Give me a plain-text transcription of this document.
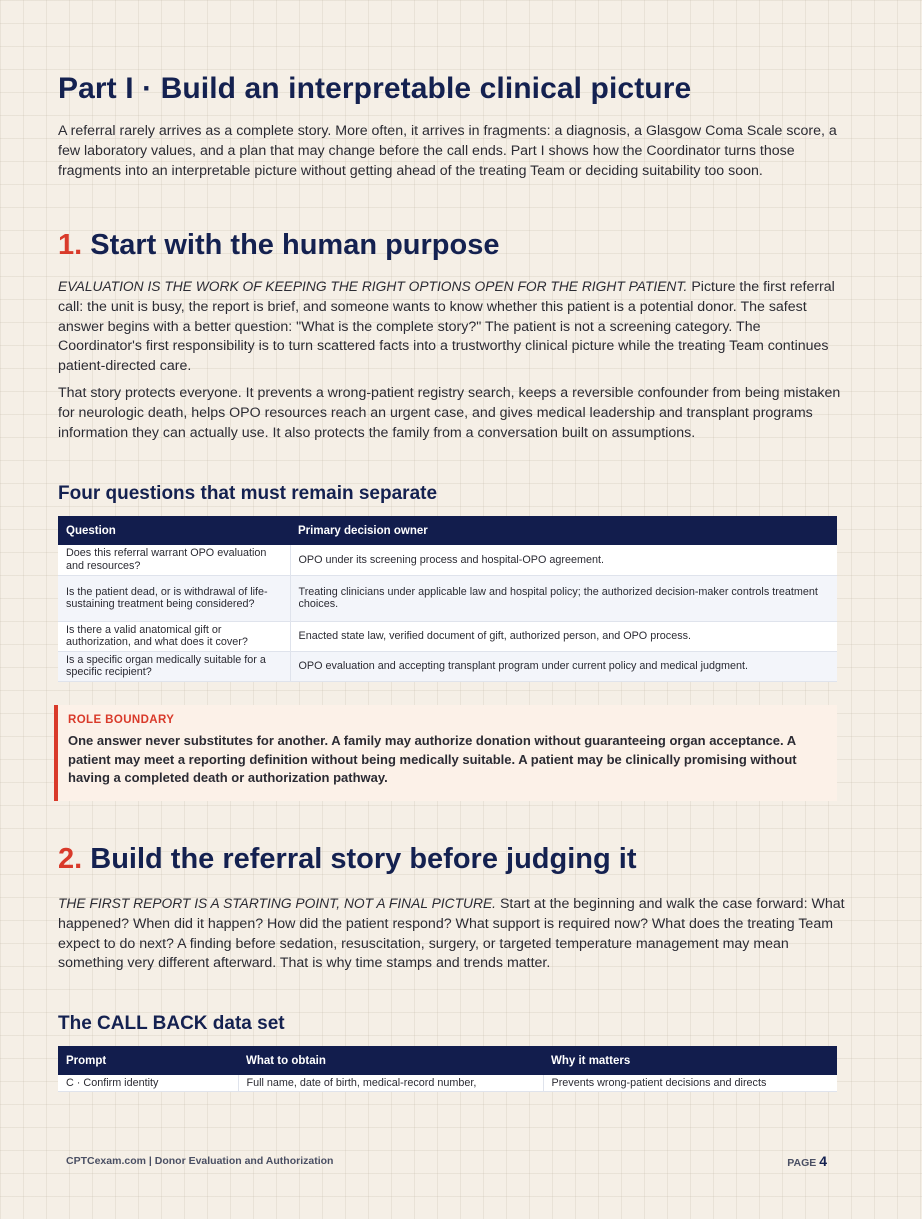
Part I · Build an interpretable clinical picture

A referral rarely arrives as a complete story. More often, it arrives in fragments: a diagnosis, a Glasgow Coma Scale score, a few laboratory values, and a plan that may change before the call ends. Part I shows how the Coordinator turns those fragments into an interpretable picture without getting ahead of the treating Team or deciding suitability too soon.

1. Start with the human purpose

EVALUATION IS THE WORK OF KEEPING THE RIGHT OPTIONS OPEN FOR THE RIGHT PATIENT. Picture the first referral call: the unit is busy, the report is brief, and someone wants to know whether this patient is a potential donor. The safest answer begins with a better question: "What is the complete story?" The patient is not a screening category. The Coordinator's first responsibility is to turn scattered facts into a trustworthy clinical picture while the treating Team continues patient-directed care.

That story protects everyone. It prevents a wrong-patient registry search, keeps a reversible confounder from being mistaken for neurologic death, helps OPO resources reach an urgent case, and gives medical leadership and transplant programs information they can actually use. It also protects the family from a conversation built on assumptions.

Four questions that must remain separate
Question	Primary decision owner
Does this referral warrant OPO evaluation and resources?	OPO under its screening process and hospital-OPO agreement.
Is the patient dead, or is withdrawal of life-sustaining treatment being considered?	Treating clinicians under applicable law and hospital policy; the authorized decision-maker controls treatment choices.
Is there a valid anatomical gift or authorization, and what does it cover?	Enacted state law, verified document of gift, authorized person, and OPO process.
Is a specific organ medically suitable for a specific recipient?	OPO evaluation and accepting transplant program under current policy and medical judgment.

ROLE BOUNDARY

One answer never substitutes for another. A family may authorize donation without guaranteeing organ acceptance. A patient may meet a reporting definition without being medically suitable. A patient may be clinically promising without having a completed death or authorization pathway.

2. Build the referral story before judging it

THE FIRST REPORT IS A STARTING POINT, NOT A FINAL PICTURE. Start at the beginning and walk the case forward: What happened? When did it happen? How did the patient respond? What support is required now? What does the treating Team expect to do next? A finding before sedation, resuscitation, surgery, or targeted temperature management may mean something very different afterward. That is why time stamps and trends matter.

The CALL BACK data set
Prompt	What to obtain	Why it matters
C · Confirm identity	Full name, date of birth, medical-record number,	Prevents wrong-patient decisions and directs
CPTCexam.com | Donor Evaluation and Authorization	PAGE 4
